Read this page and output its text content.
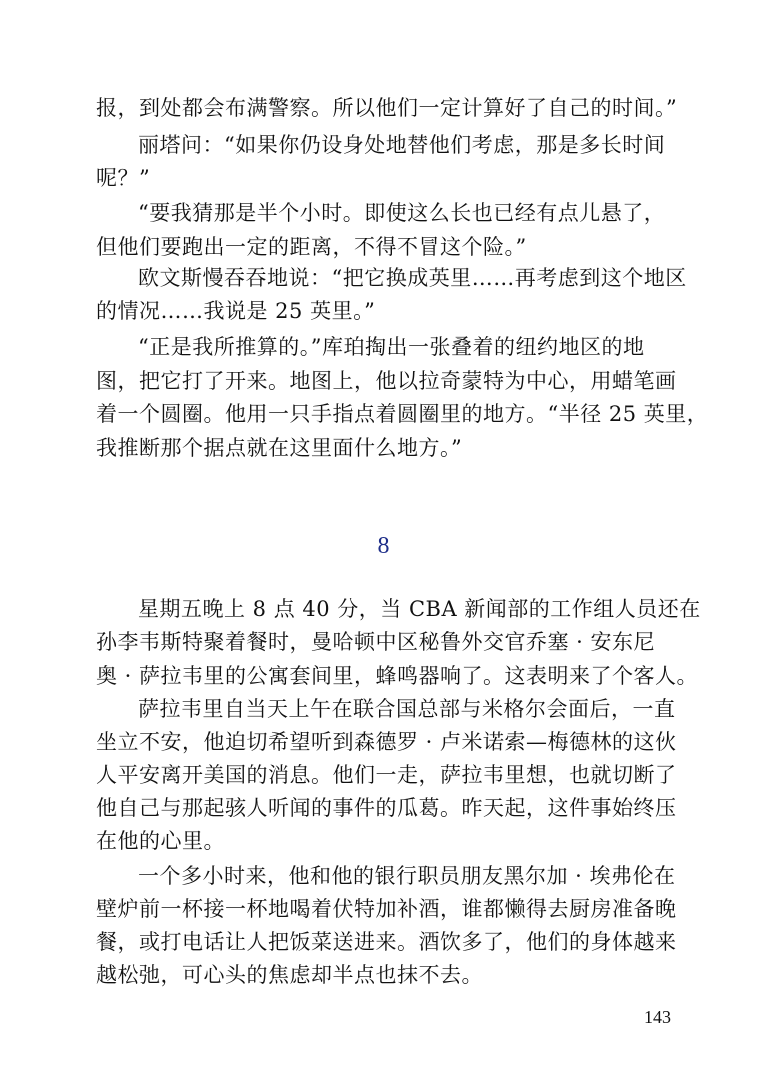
报，到处都会布满警察。所以他们一定计算好了自己的时间。”
丽塔问：“如果你仍设身处地替他们考虑，那是多长时间
呢？”
“要我猜那是半个小时。即使这么长也已经有点儿悬了，
但他们要跑出一定的距离，不得不冒这个险。”
欧文斯慢吞吞地说：“把它换成英里……再考虑到这个地区
的情况……我说是 25 英里。”
“正是我所推算的。”库珀掏出一张叠着的纽约地区的地
图，把它打了开来。地图上，他以拉奇蒙特为中心，用蜡笔画
着一个圆圈。他用一只手指点着圆圈里的地方。“半径 25 英里，
我推断那个据点就在这里面什么地方。”
8
星期五晚上 8 点 40 分，当 CBA 新闻部的工作组人员还在
孙李韦斯特聚着餐时，曼哈顿中区秘鲁外交官乔塞 · 安东尼
奥 · 萨拉韦里的公寓套间里，蜂鸣器响了。这表明来了个客人。
萨拉韦里自当天上午在联合国总部与米格尔会面后，一直
坐立不安，他迫切希望听到森德罗 · 卢米诺索—梅德林的这伙
人平安离开美国的消息。他们一走，萨拉韦里想，也就切断了
他自己与那起骇人听闻的事件的瓜葛。昨天起，这件事始终压
在他的心里。
一个多小时来，他和他的银行职员朋友黑尔加 · 埃弗伦在
壁炉前一杯接一杯地喝着伏特加补酒，谁都懒得去厨房准备晚
餐，或打电话让人把饭菜送进来。酒饮多了，他们的身体越来
越松弛，可心头的焦虑却半点也抹不去。
143
